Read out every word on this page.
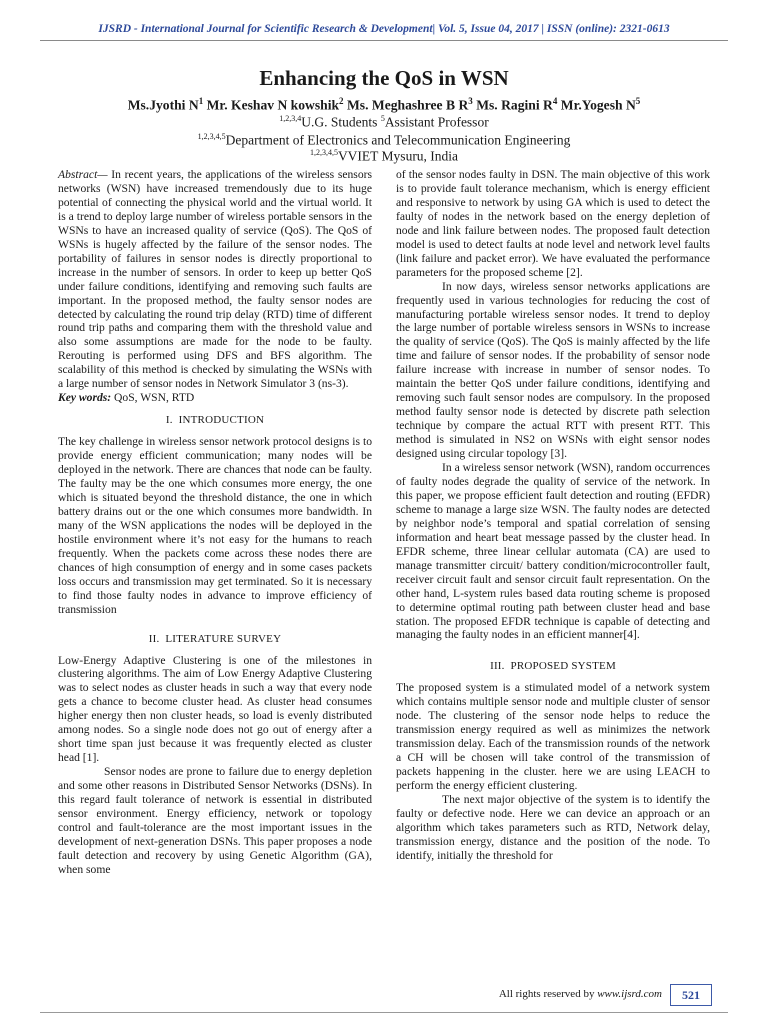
IJSRD - International Journal for Scientific Research & Development| Vol. 5, Issue 04, 2017 | ISSN (online): 2321-0613
Enhancing the QoS in WSN
Ms.Jyothi $N^1$ Mr. Keshav N kowshik$^2$ Ms. Meghashree B $R^3$ Ms. Ragini $R^4$ Mr.Yogesh $N^5$
$^{1,2,3,4}$U.G. Students $^5$Assistant Professor
$^{1,2,3,4,5}$Department of Electronics and Telecommunication Engineering
$^{1,2,3,4,5}$VVIET Mysuru, India

Abstract— In recent years, the applications of the wireless sensors networks (WSN) have increased tremendously due to its huge potential of connecting the physical world and the virtual world. It is a trend to deploy large number of wireless portable sensors in the WSNs to have an increased quality of service (QoS). The QoS of WSNs is hugely affected by the failure of the sensor nodes. The portability of failures in sensor nodes is directly proportional to increase in the number of sensors. In order to keep up better QoS under failure conditions, identifying and removing such faults are important. In the proposed method, the faulty sensor nodes are detected by calculating the round trip delay (RTD) time of different round trip paths and comparing them with the threshold value and also some assumptions are made for the node to be faulty. Rerouting is performed using DFS and BFS algorithm. The scalability of this method is checked by simulating the WSNs with a large number of sensor nodes in Network Simulator 3 (ns-3).

Key words: QoS, WSN, RTD

I. INTRODUCTION

The key challenge in wireless sensor network protocol designs is to provide energy efficient communication; many nodes will be deployed in the network. There are chances that node can be faulty. The faulty may be the one which consumes more energy, the one which is situated beyond the threshold distance, the one in which battery drains out or the one which consumes more bandwidth. In many of the WSN applications the nodes will be deployed in the hostile environment where it’s not easy for the humans to reach frequently. When the packets come across these nodes there are chances of high consumption of energy and in some cases packets loss occurs and transmission may get terminated. So it is necessary to find those faulty nodes in advance to improve efficiency of transmission

II. LITERATURE SURVEY

Low-Energy Adaptive Clustering is one of the milestones in clustering algorithms. The aim of Low Energy Adaptive Clustering was to select nodes as cluster heads in such a way that every node gets a chance to become cluster head. As cluster head consumes higher energy then non cluster heads, so load is evenly distributed among nodes. So a single node does not go out of energy after a short time span just because it was frequently elected as cluster head [1].

Sensor nodes are prone to failure due to energy depletion and some other reasons in Distributed Sensor Networks (DSNs). In this regard fault tolerance of network is essential in distributed sensor environment. Energy efficiency, network or topology control and fault-tolerance are the most important issues in the development of next-generation DSNs. This paper proposes a node fault detection and recovery by using Genetic Algorithm (GA), when some

of the sensor nodes faulty in DSN. The main objective of this work is to provide fault tolerance mechanism, which is energy efficient and responsive to network by using GA which is used to detect the faulty of nodes in the network based on the energy depletion of node and link failure between nodes. The proposed fault detection model is used to detect faults at node level and network level faults (link failure and packet error). We have evaluated the performance parameters for the proposed scheme [2].

In now days, wireless sensor networks applications are frequently used in various technologies for reducing the cost of manufacturing portable wireless sensor nodes. It trend to deploy the large number of portable wireless sensors in WSNs to increase the quality of service (QoS). The QoS is mainly affected by the life time and failure of sensor nodes. If the probability of sensor node failure increase with increase in number of sensor nodes. To maintain the better QoS under failure conditions, identifying and removing such fault sensor nodes are compulsory. In the proposed method faulty sensor node is detected by discrete path selection technique by compare the actual RTT with present RTT. This method is simulated in NS2 on WSNs with eight sensor nodes designed using circular topology [3].

In a wireless sensor network (WSN), random occurrences of faulty nodes degrade the quality of service of the network. In this paper, we propose efficient fault detection and routing (EFDR) scheme to manage a large size WSN. The faulty nodes are detected by neighbor node’s temporal and spatial correlation of sensing information and heart beat message passed by the cluster head. In EFDR scheme, three linear cellular automata (CA) are used to manage transmitter circuit/ battery condition/microcontroller fault, receiver circuit fault and sensor circuit fault representation. On the other hand, L-system rules based data routing scheme is proposed to determine optimal routing path between cluster head and base station. The proposed EFDR technique is capable of detecting and managing the faulty nodes in an efficient manner[4].

III. PROPOSED SYSTEM

The proposed system is a stimulated model of a network system which contains multiple sensor node and multiple cluster of sensor node. The clustering of the sensor node helps to reduce the transmission energy required as well as minimizes the network transmission delay. Each of the transmission rounds of the network a CH will be chosen will take control of the transmission of packets happening in the cluster. here we are using LEACH to perform the energy efficient clustering.

The next major objective of the system is to identify the faulty or defective node. Here we can device an approach or an algorithm which takes parameters such as RTD, Network delay, transmission energy, distance and the position of the node. To identify, initially the threshold for

All rights reserved by www.ijsrd.com	521
